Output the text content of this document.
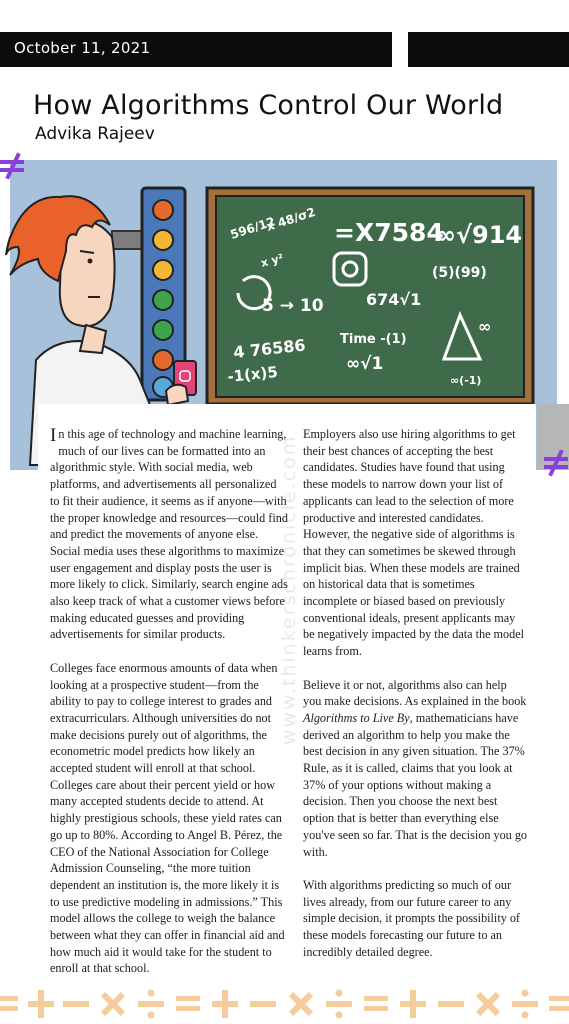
October 11, 2021
How Algorithms Control Our World
Advika Rajeev
596/12
x 48/σ2
x y²
=X7584
∞√914
(5)(99)
5 → 10	674√1
4 76586
-1(x)5
Time -(1)
∞√1
∞(-1)
∞
www.thinkerschronicle.com

In this age of technology and machine learning, much of our lives can be formatted into an algorithmic style. With social media, web platforms, and advertisements all personalized to fit their audience, it seems as if anyone—with the proper knowledge and resources—could find and predict the movements of anyone else. Social media uses these algorithms to maximize user engagement and display posts the user is more likely to click. Similarly, search engine ads also keep track of what a customer views before making educated guesses and providing advertisements for similar products.

Colleges face enormous amounts of data when looking at a prospective student—from the ability to pay to college interest to grades and extracurriculars. Although universities do not make decisions purely out of algorithms, the econometric model predicts how likely an accepted student will enroll at that school. Colleges care about their percent yield or how many accepted students decide to attend. At highly prestigious schools, these yield rates can go up to 80%. According to Angel B. Pérez, the CEO of the National Association for College Admission Counseling, “the more tuition dependent an institution is, the more likely it is to use predictive modeling in admissions.” This model allows the college to weigh the balance between what they can offer in financial aid and how much aid it would take for the student to enroll at that school.

Employers also use hiring algorithms to get their best chances of accepting the best candidates. Studies have found that using these models to narrow down your list of applicants can lead to the selection of more productive and interested candidates. However, the negative side of algorithms is that they can sometimes be skewed through implicit bias. When these models are trained on historical data that is sometimes incomplete or biased based on previously conventional ideals, present applicants may be negatively impacted by the data the model learns from.

Believe it or not, algorithms also can help you make decisions. As explained in the book Algorithms to Live By, mathematicians have derived an algorithm to help you make the best decision in any given situation. The 37% Rule, as it is called, claims that you look at 37% of your options without making a decision. Then you choose the next best option that is better than everything else you've seen so far. That is the decision you go with.

With algorithms predicting so much of our lives already, from our future career to any simple decision, it prompts the possibility of these models forecasting our future to an incredibly detailed degree.
